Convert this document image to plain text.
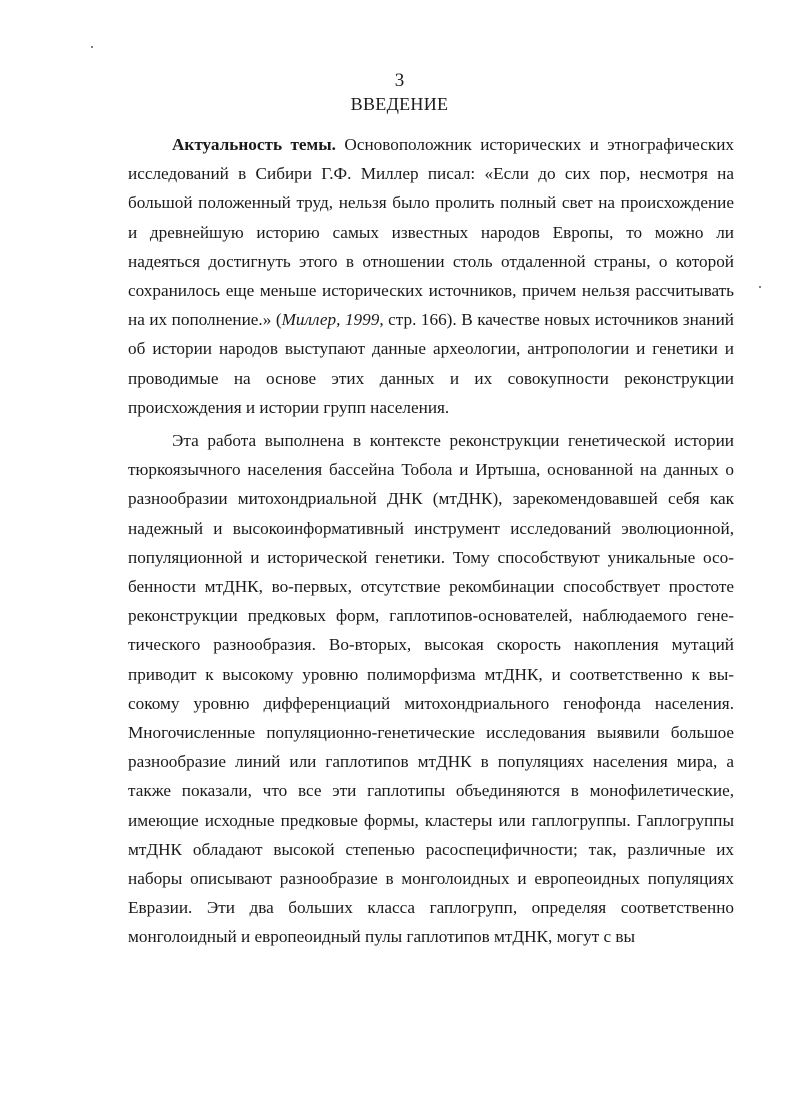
3
ВВЕДЕНИЕ

Актуальность темы. Основоположник исторических и этнографических исследований в Сибири Г.Ф. Миллер писал: «Если до сих пор, несмотря на большой положенный труд, нельзя было пролить полный свет на происхождение и древнейшую историю самых известных народов Европы, то можно ли надеяться достигнуть этого в отношении столь отдаленной страны, о которой сохранилось еще меньше исторических источников, причем нельзя рассчитывать на их пополнение.» (Миллер, 1999, стр. 166). В качестве новых источников знаний об истории народов выступают данные археологии, антропологии и генетики и проводимые на основе этих данных и их совокупности реконструкции происхождения и истории групп населения.

Эта работа выполнена в контексте реконструкции генетической истории тюркоязычного населения бассейна Тобола и Иртыша, основанной на данных о разнообразии митохондриальной ДНК (мтДНК), зарекомендовавшей себя как надежный и высокоинформативный инструмент исследований эволюционной, популяционной и исторической генетики. Тому способствуют уникальные особенности мтДНК, во-первых, отсутствие рекомбинации способствует простоте реконструкции предковых форм, гаплотипов-основателей, наблюдаемого генетического разнообразия. Во-вторых, высокая скорость накопления мутаций приводит к высокому уровню полиморфизма мтДНК, и соответственно к высокому уровню дифференциаций митохондриального генофонда населения. Многочисленные популяционно-генетические исследования выявили большое разнообразие линий или гаплотипов мтДНК в популяциях населения мира, а также показали, что все эти гаплотипы объединяются в монофилетические, имеющие исходные предковые формы, кластеры или гаплогруппы. Гаплогруппы мтДНК обладают высокой степенью расоспецифичности; так, различные их наборы описывают разнообразие в монголоидных и европеоидных популяциях Евразии. Эти два больших класса гаплогрупп, определяя соответственно монголоидный и европеоидный пулы гаплотипов мтДНК, могут с вы
